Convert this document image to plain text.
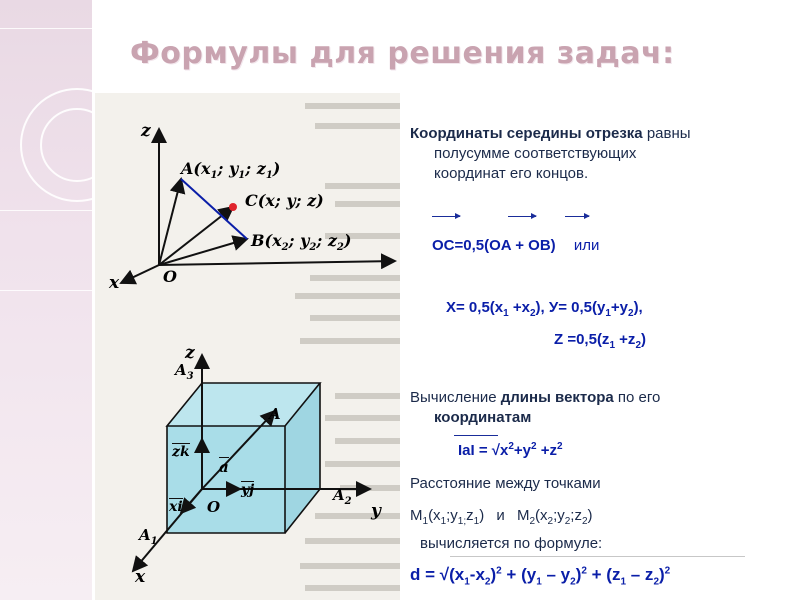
Формулы для решения задач:
z
x	O
$A(x_1$; $y_1$; $z_1$)
C(x; y; z)
$B(x_2$; $y_2$; $z_2$)
z
y
x
O
$A_3$
A
$A_2$
$A_1$
a
zk
yj
xi
Координаты середины отрезка равны
полусумме соответствующих
координат его концов.
OC=0,5(OA + OB) или
$X= 0,5(x_1 +x_2)$, $У= 0,5(y_1+y_2)$,
$Z =0,5(z_1 +z_2)$
Вычисление длины вектора по его
координатам
IaI = $√x^2+y^2 +z^2$
Расстояние между точками
$M_1(x_1;y_{1;}z_1)$ и $M_2(x_2;y_2;z_2)$
вычисляется по формуле:
$d = √(x_1-x_2)^2 + (y_1 - y_2)^2 + (z_1 - z_2)^2$
